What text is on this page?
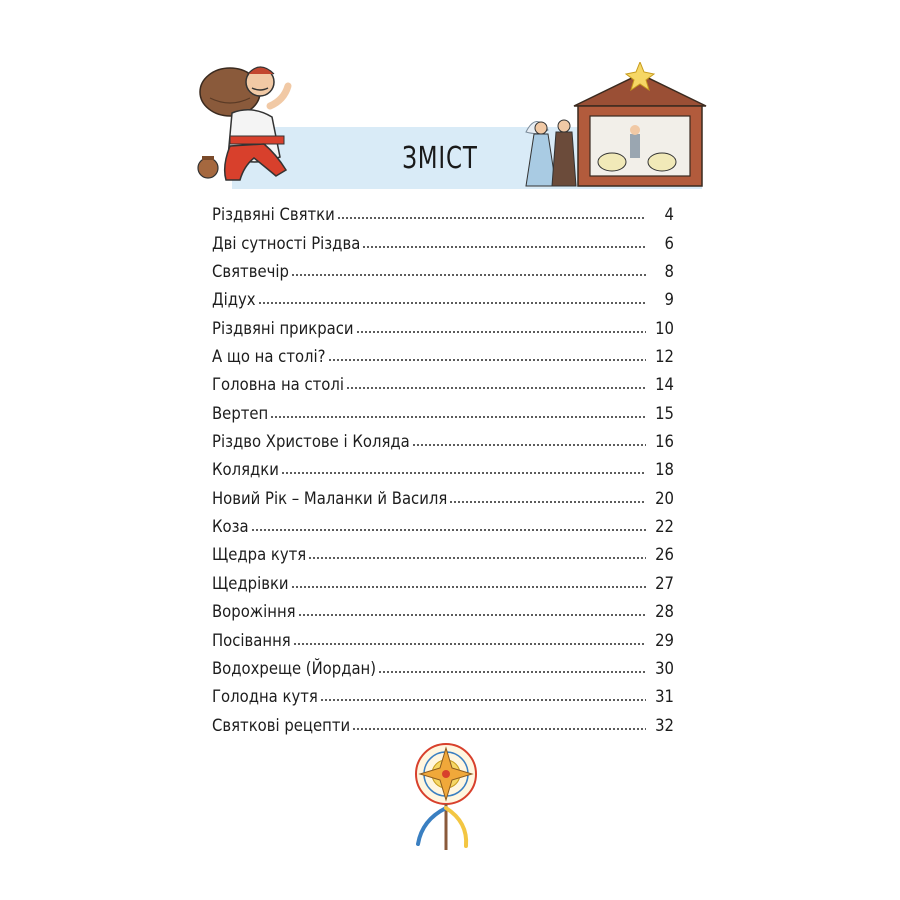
ЗМІСТ
Різдвяні Святки	4
Дві сутності Різдва	6
Святвечір	8
Дідух	9
Різдвяні прикраси	10
А що на столі?	12
Головна на столі	14
Вертеп	15
Різдво Христове і Коляда	16
Колядки	18
Новий Рік – Маланки й Василя	20
Коза	22
Щедра кутя	26
Щедрівки	27
Ворожіння	28
Посівання	29
Водохреще (Йордан)	30
Голодна кутя	31
Святкові рецепти	32
